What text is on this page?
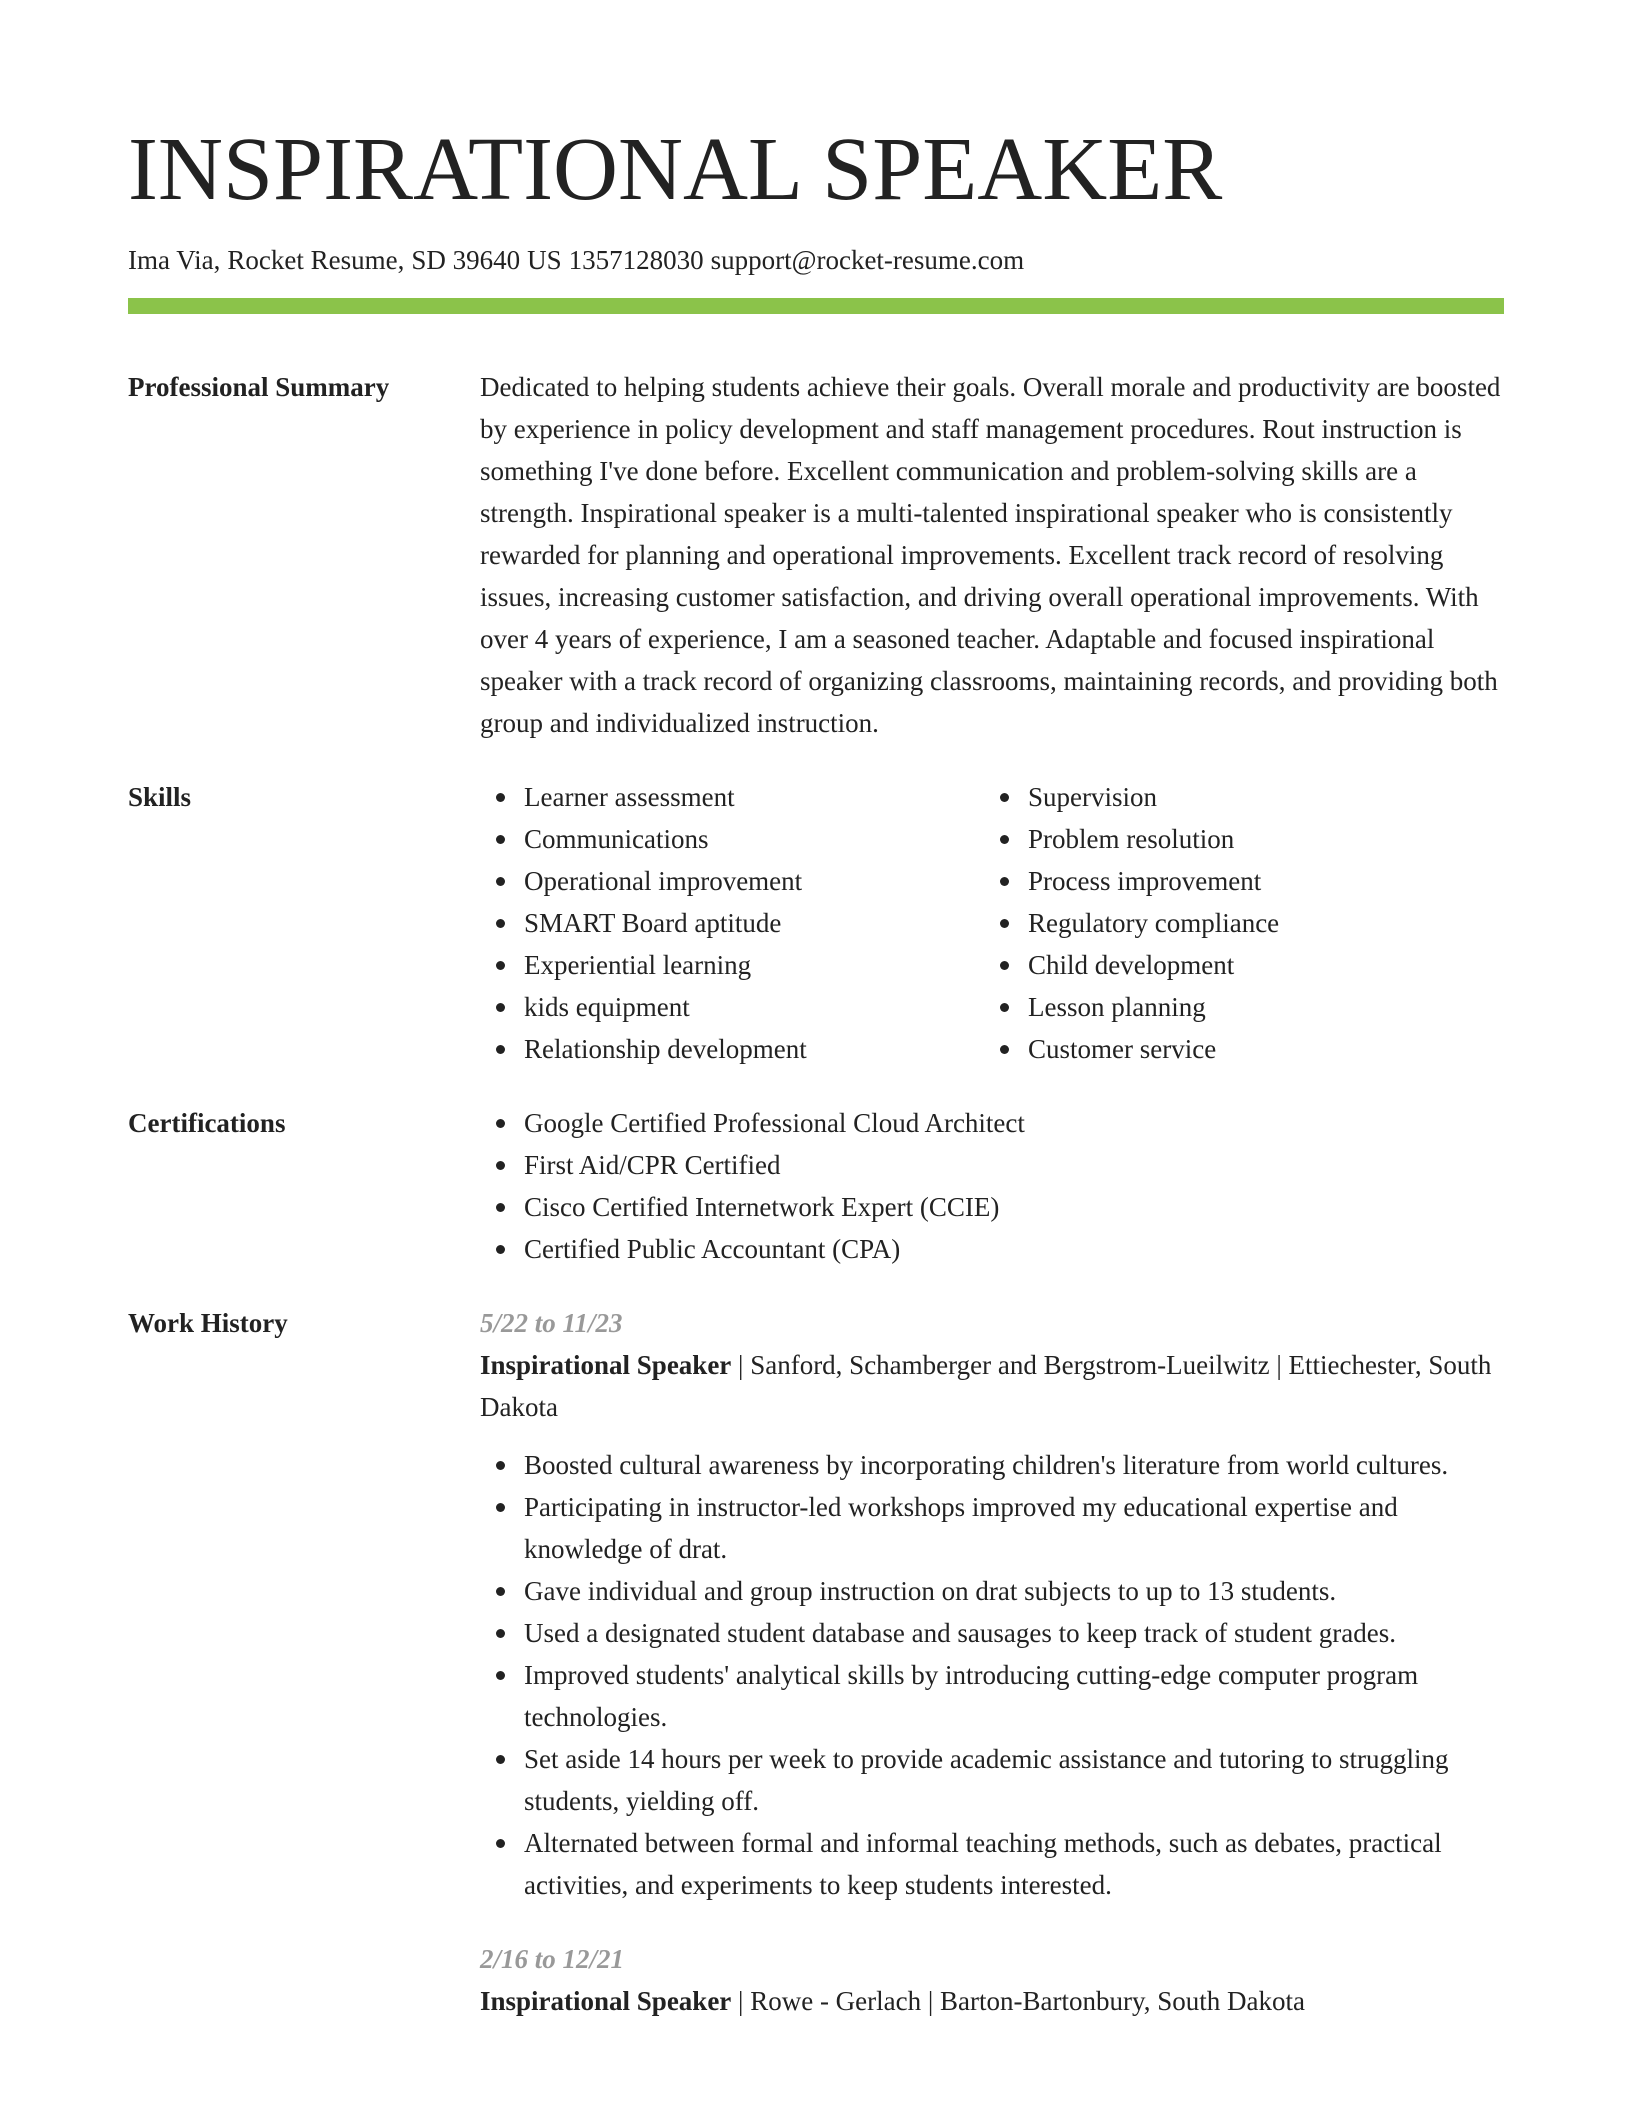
INSPIRATIONAL SPEAKER
Ima Via, Rocket Resume, SD 39640 US 1357128030 support@rocket-resume.com
Professional Summary	Dedicated to helping students achieve their goals. Overall morale and productivity are boosted by experience in policy development and staff management procedures. Rout instruction is something I've done before. Excellent communication and problem-solving skills are a strength. Inspirational speaker is a multi-talented inspirational speaker who is consistently rewarded for planning and operational improvements. Excellent track record of resolving issues, increasing customer satisfaction, and driving overall operational improvements. With over 4 years of experience, I am a seasoned teacher. Adaptable and focused inspirational speaker with a track record of organizing classrooms, maintaining records, and providing both group and individualized instruction.
Skills	Learner assessment
Communications
Operational improvement
SMART Board aptitude
Experiential learning
kids equipment
Relationship development
Supervision
Problem resolution
Process improvement
Regulatory compliance
Child development
Lesson planning
Customer service
Certifications	Google Certified Professional Cloud Architect
First Aid/CPR Certified
Cisco Certified Internetwork Expert (CCIE)
Certified Public Accountant (CPA)
Work History	5/22 to 11/23
Inspirational Speaker | Sanford, Schamberger and Bergstrom-Lueilwitz | Ettiechester, South Dakota
Boosted cultural awareness by incorporating children's literature from world cultures.
Participating in instructor-led workshops improved my educational expertise and knowledge of drat.
Gave individual and group instruction on drat subjects to up to 13 students.
Used a designated student database and sausages to keep track of student grades.
Improved students' analytical skills by introducing cutting-edge computer program technologies.
Set aside 14 hours per week to provide academic assistance and tutoring to struggling students, yielding off.
Alternated between formal and informal teaching methods, such as debates, practical activities, and experiments to keep students interested.
2/16 to 12/21
Inspirational Speaker | Rowe - Gerlach | Barton-Bartonbury, South Dakota
